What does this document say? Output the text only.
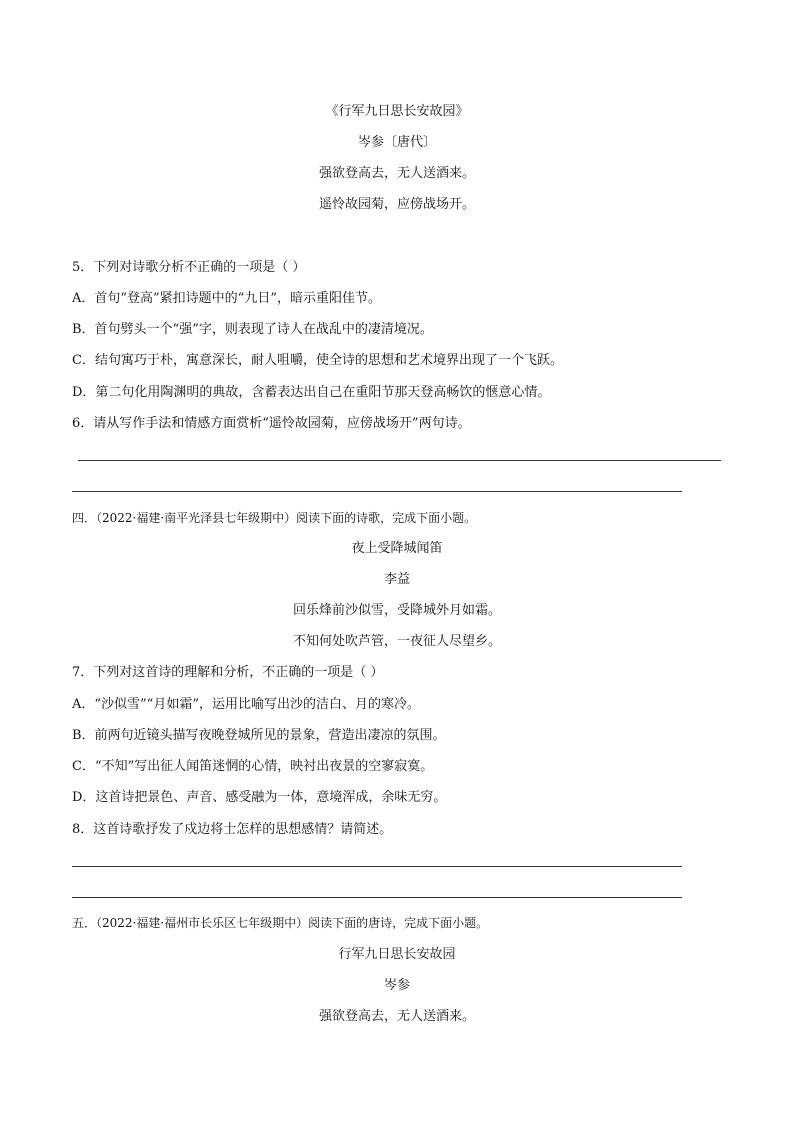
《行军九日思长安故园》
岑参〔唐代〕
强欲登高去，无人送酒来。
遥怜故园菊，应傍战场开。
5．下列对诗歌分析不正确的一项是（ ）
A．首句“登高”紧扣诗题中的“九日”，暗示重阳佳节。
B．首句劈头一个“强”字，则表现了诗人在战乱中的凄清境况。
C．结句寓巧于朴，寓意深长，耐人咀嚼，使全诗的思想和艺术境界出现了一个飞跃。
D．第二句化用陶渊明的典故，含蓄表达出自己在重阳节那天登高畅饮的惬意心情。
6．请从写作手法和情感方面赏析“遥怜故园菊，应傍战场开”两句诗。
四．（2022·福建·南平光泽县七年级期中）阅读下面的诗歌，完成下面小题。
夜上受降城闻笛
李益
回乐烽前沙似雪，受降城外月如霜。
不知何处吹芦管，一夜征人尽望乡。
7．下列对这首诗的理解和分析，不正确的一项是（ ）
A．“沙似雪”“月如霜”，运用比喻写出沙的洁白、月的寒冷。
B．前两句近镜头描写夜晚登城所见的景象，营造出凄凉的氛围。
C．“不知”写出征人闻笛迷惘的心情，映衬出夜景的空寥寂寞。
D．这首诗把景色、声音、感受融为一体，意境浑成，余味无穷。
8．这首诗歌抒发了戍边将士怎样的思想感情？请简述。
五．（2022·福建·福州市长乐区七年级期中）阅读下面的唐诗，完成下面小题。
行军九日思长安故园
岑参
强欲登高去，无人送酒来。
